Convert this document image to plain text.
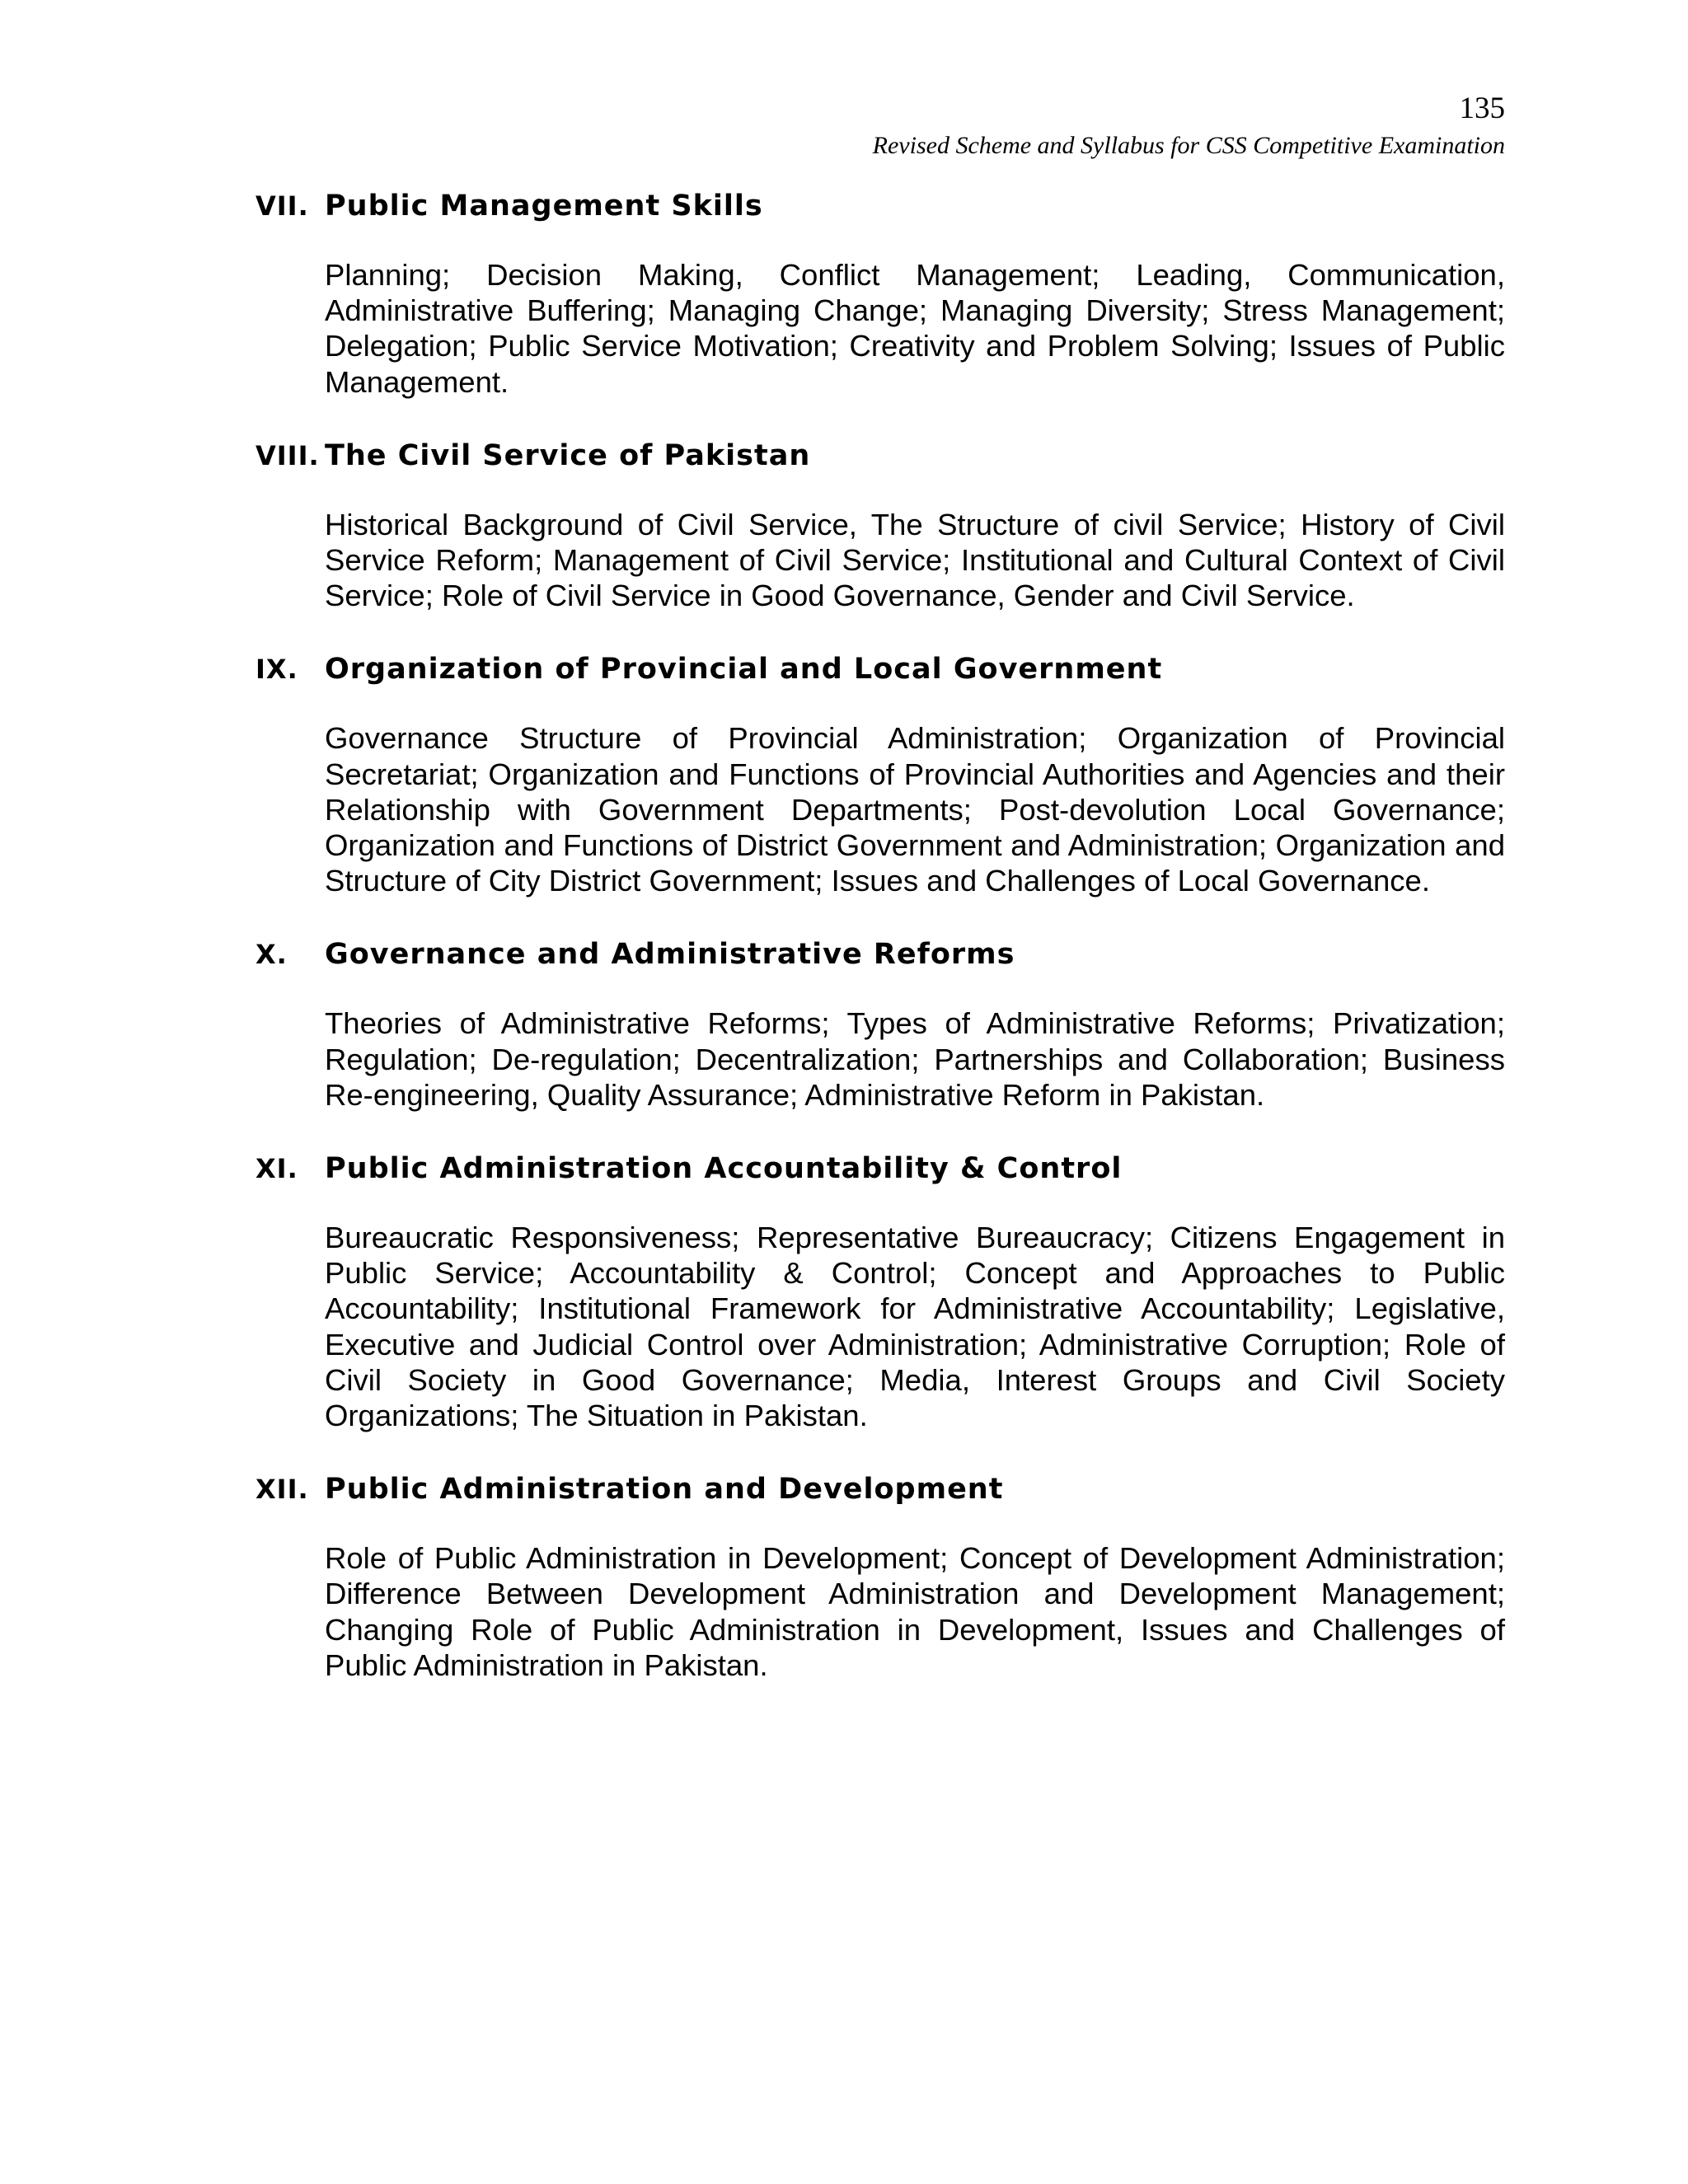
135
Revised Scheme and Syllabus for CSS Competitive Examination
VII. Public Management Skills
Planning; Decision Making, Conflict Management; Leading, Communication, Administrative Buffering; Managing Change; Managing Diversity; Stress Management; Delegation; Public Service Motivation; Creativity and Problem Solving; Issues of Public Management.
VIII. The Civil Service of Pakistan
Historical Background of Civil Service, The Structure of civil Service; History of Civil Service Reform; Management of Civil Service; Institutional and Cultural Context of Civil Service; Role of Civil Service in Good Governance, Gender and Civil Service.
IX. Organization of Provincial and Local Government
Governance Structure of Provincial Administration; Organization of Provincial Secretariat; Organization and Functions of Provincial Authorities and Agencies and their Relationship with Government Departments; Post-devolution Local Governance; Organization and Functions of District Government and Administration; Organization and Structure of City District Government; Issues and Challenges of Local Governance.
X.	Governance and Administrative Reforms
Theories of Administrative Reforms; Types of Administrative Reforms; Privatization; Regulation; De-regulation; Decentralization; Partnerships and Collaboration; Business Re-engineering, Quality Assurance; Administrative Reform in Pakistan.
XI. Public Administration Accountability & Control
Bureaucratic Responsiveness; Representative Bureaucracy; Citizens Engagement in Public Service; Accountability & Control; Concept and Approaches to Public Accountability; Institutional Framework for Administrative Accountability; Legislative, Executive and Judicial Control over Administration; Administrative Corruption; Role of Civil Society in Good Governance; Media, Interest Groups and Civil Society Organizations; The Situation in Pakistan.
XII. Public Administration and Development
Role of Public Administration in Development; Concept of Development Administration; Difference Between Development Administration and Development Management; Changing Role of Public Administration in Development, Issues and Challenges of Public Administration in Pakistan.
